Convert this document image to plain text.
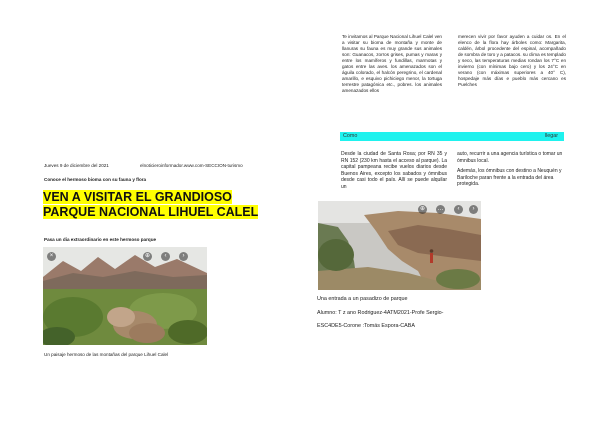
Jueves 9 de diciembre del 2021	elnoticieroinformador.www.com-SECCION-turismo
Conoce el hermoso bioma con su fauna y flora
VEN A VISITAR EL GRANDIOSO PARQUE NACIONAL LIHUEL CALEL
Pasa un dia extraordinario en este hermoso parque
×	⊕	‹	›
Un paisaje hermoso de las montañas del parque Lihuel Calel
Te invitamos al Parque Nacional Lihuel Calel ven a visitar su bioma de montaña y monte de llanuras su fauna es muy grande sus animales son: Guanacos, zorros grises, pumas y maras y entre los mamíferos y fundillas, marmotas y gatos entre las aves. los amenazados son el águila colorado, el halcón peregrino, el cardenal amarillo, e esquivo pichiciego menor, la tortuga terrestre patagónica etc., pobres. los animales amenazados ellos
merecen vivir por favor ayuden a cuidar os. En el elenco de la flora hay árboles como: Margarita, caldén, árbol procedente del espinal, acompañado de sombra de toro y a patacos. su clima es templado y seco, las temperaturas medias rondan los 7°C en invierno (con mínimas bajo cero) y los 24°C en verano (con máximas superiores a 40° C), hospedaje más días e pueblo más cercano es Puelches
Como	llegar
Desde la ciudad de Santa Rosa; por RN 35 y RN 152 (230 km hasta el acceso al parque). La capital pampeana recibe vuelos diarios desde Buenos Aires, excepto los sabados y ómnibus desde casi todo el país. Allí se puede alquilar un

auto, recurrir a una agencia turística o tomar un ómnibus local.

Además, los ómnibus con destino a Neuquén y Bariloche paran frente a la entrada del área protegida.

⊕	…	‹	›
Una entrada a un pasadizo de parque
Alumno: T z ano Rodriguez-4ATM2021-Profe Sergio-
ESC4DE5-Corone :Tomás Espora-CABA
